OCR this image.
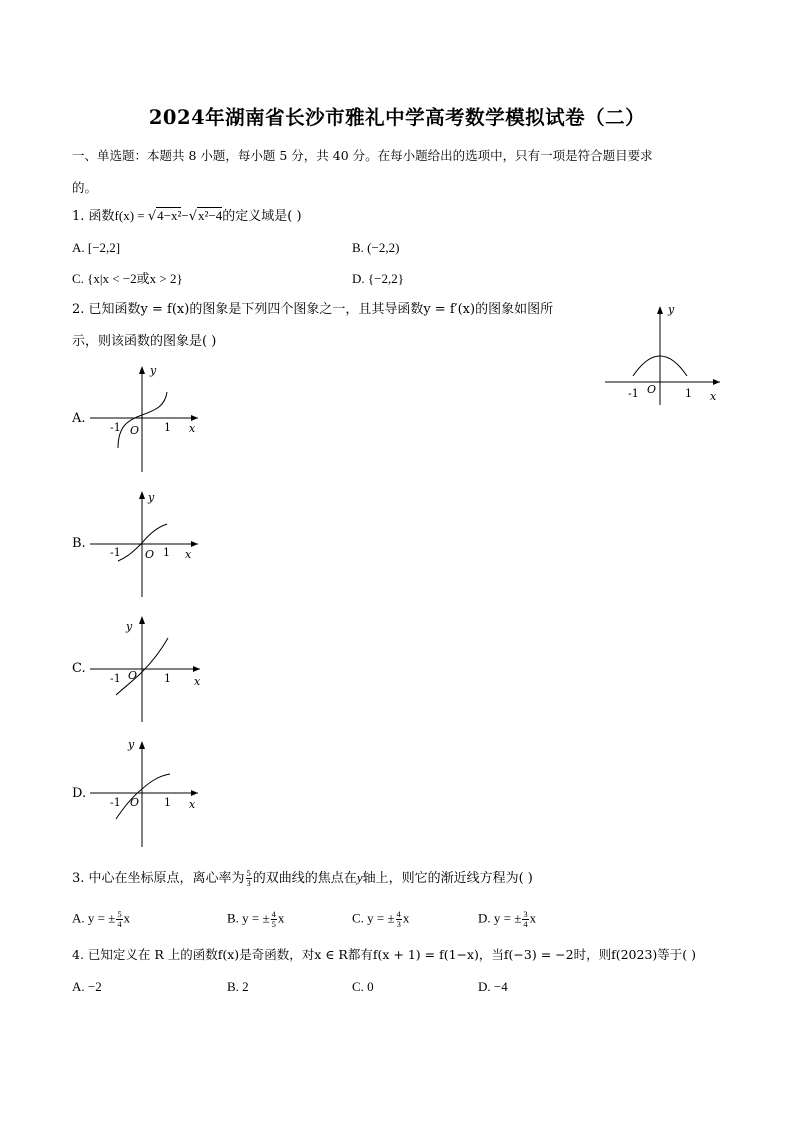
2024年湖南省长沙市雅礼中学高考数学模拟试卷（二）
一、单选题：本题共 8 小题，每小题 5 分，共 40 分。在每小题给出的选项中，只有一项是符合题目要求
的。
1. 函数f(x) = √4−x²−√x²−4的定义域是( )
A. [−2,2]	B. (−2,2)
C. {x|x < −2或x > 2}	D. {−2,2}
2. 已知函数y = f(x)的图象是下列四个图象之一，且其导函数y = f′(x)的图象如图所
示，则该函数的图象是( )
-1 O	1 x
y
A.
-1 O 1 x
y
B.
-1 O 1 x
y
C.
-1 O 1 x
y
D.
-1 O 1 x
y
3. 中心在坐标原点，离心率为 $\frac{5}{3}$ 的双曲线的焦点在y轴上，则它的渐近线方程为( )
A. y = ± $\frac{5}{4}$ x	B. y = ± $\frac{4}{5}$ x	C. y = ± $\frac{4}{3}$ x	D. y = ± $\frac{3}{4}$ x
4. 已知定义在 R 上的函数f(x)是奇函数，对x ∈ R都有f(x + 1) = f(1−x)，当f(−3) = −2时，则f(2023)等于( )
A. −2	B. 2	C. 0	D. −4
